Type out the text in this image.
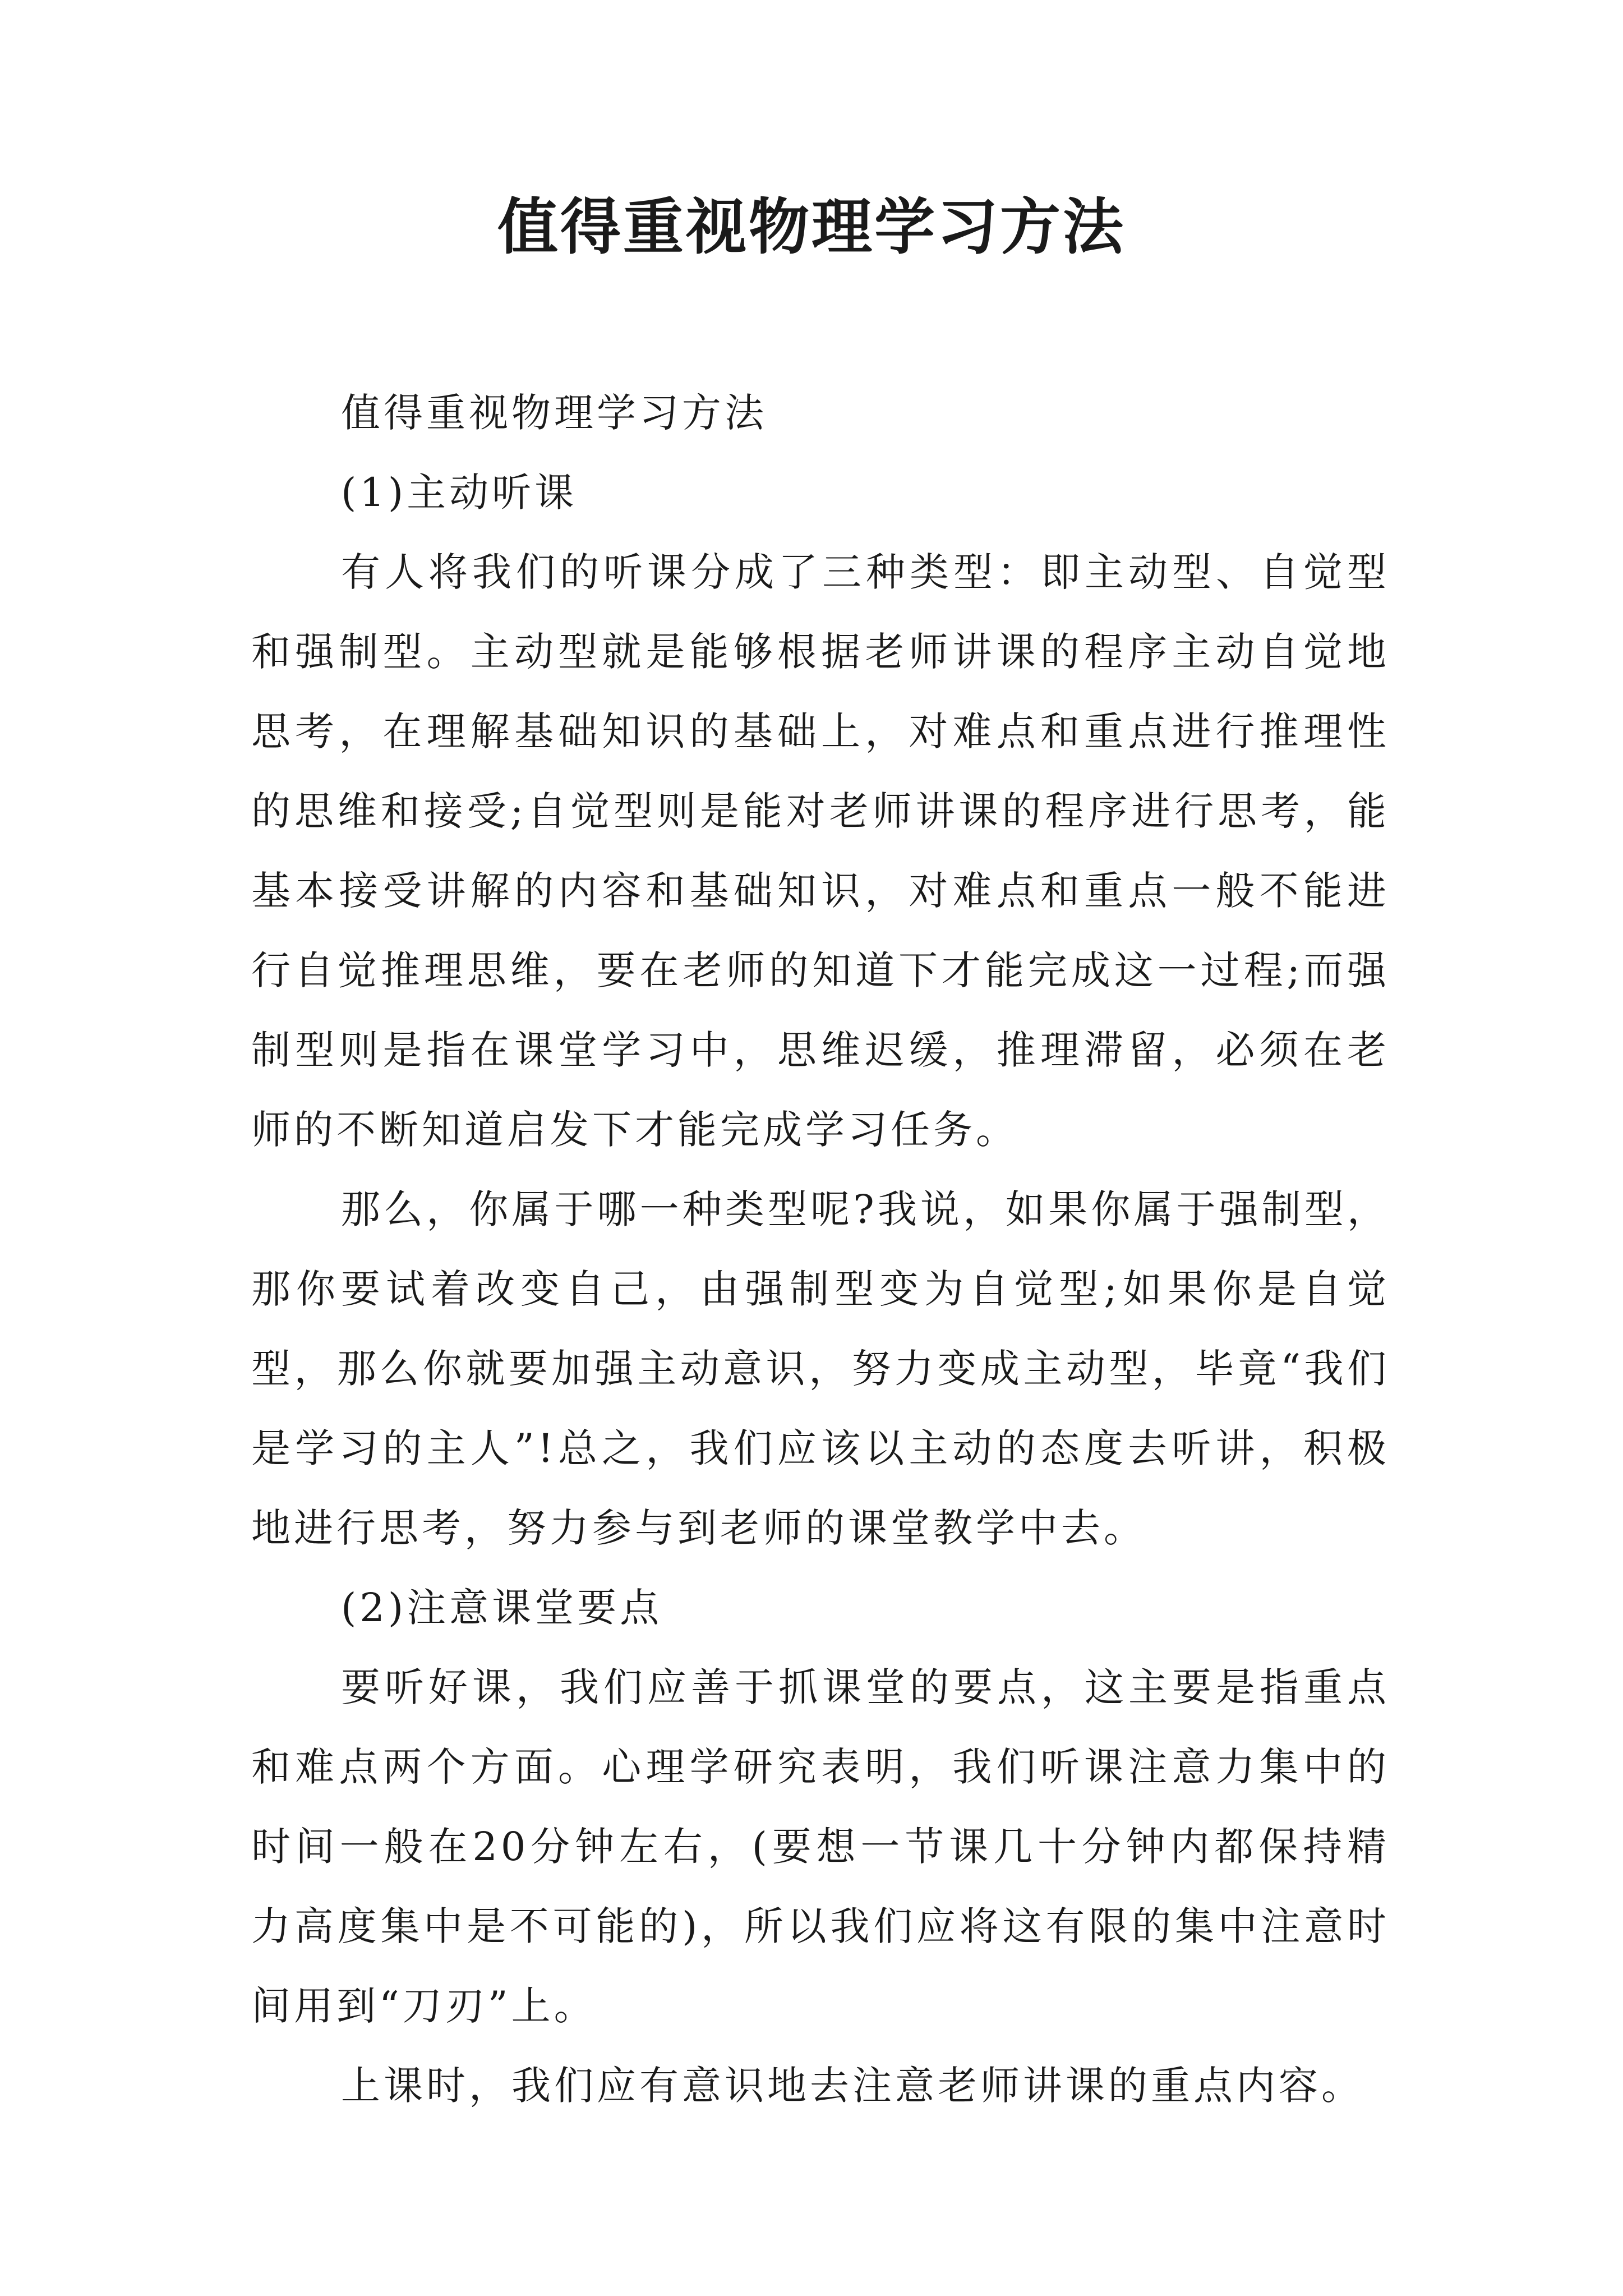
值得重视物理学习方法

值得重视物理学习方法

(1)主动听课

有人将我们的听课分成了三种类型：即主动型、自觉型和强制型。主动型就是能够根据老师讲课的程序主动自觉地思考，在理解基础知识的基础上，对难点和重点进行推理性的思维和接受;自觉型则是能对老师讲课的程序进行思考，能基本接受讲解的内容和基础知识，对难点和重点一般不能进行自觉推理思维，要在老师的知道下才能完成这一过程;而强制型则是指在课堂学习中，思维迟缓，推理滞留，必须在老师的不断知道启发下才能完成学习任务。

那么，你属于哪一种类型呢?我说，如果你属于强制型，那你要试着改变自己，由强制型变为自觉型;如果你是自觉型，那么你就要加强主动意识，努力变成主动型，毕竟“我们是学习的主人”!总之，我们应该以主动的态度去听讲，积极地进行思考，努力参与到老师的课堂教学中去。

(2)注意课堂要点

要听好课，我们应善于抓课堂的要点，这主要是指重点和难点两个方面。心理学研究表明，我们听课注意力集中的时间一般在20分钟左右，(要想一节课几十分钟内都保持精力高度集中是不可能的)，所以我们应将这有限的集中注意时间用到“刀刃”上。

上课时，我们应有意识地去注意老师讲课的重点内容。
